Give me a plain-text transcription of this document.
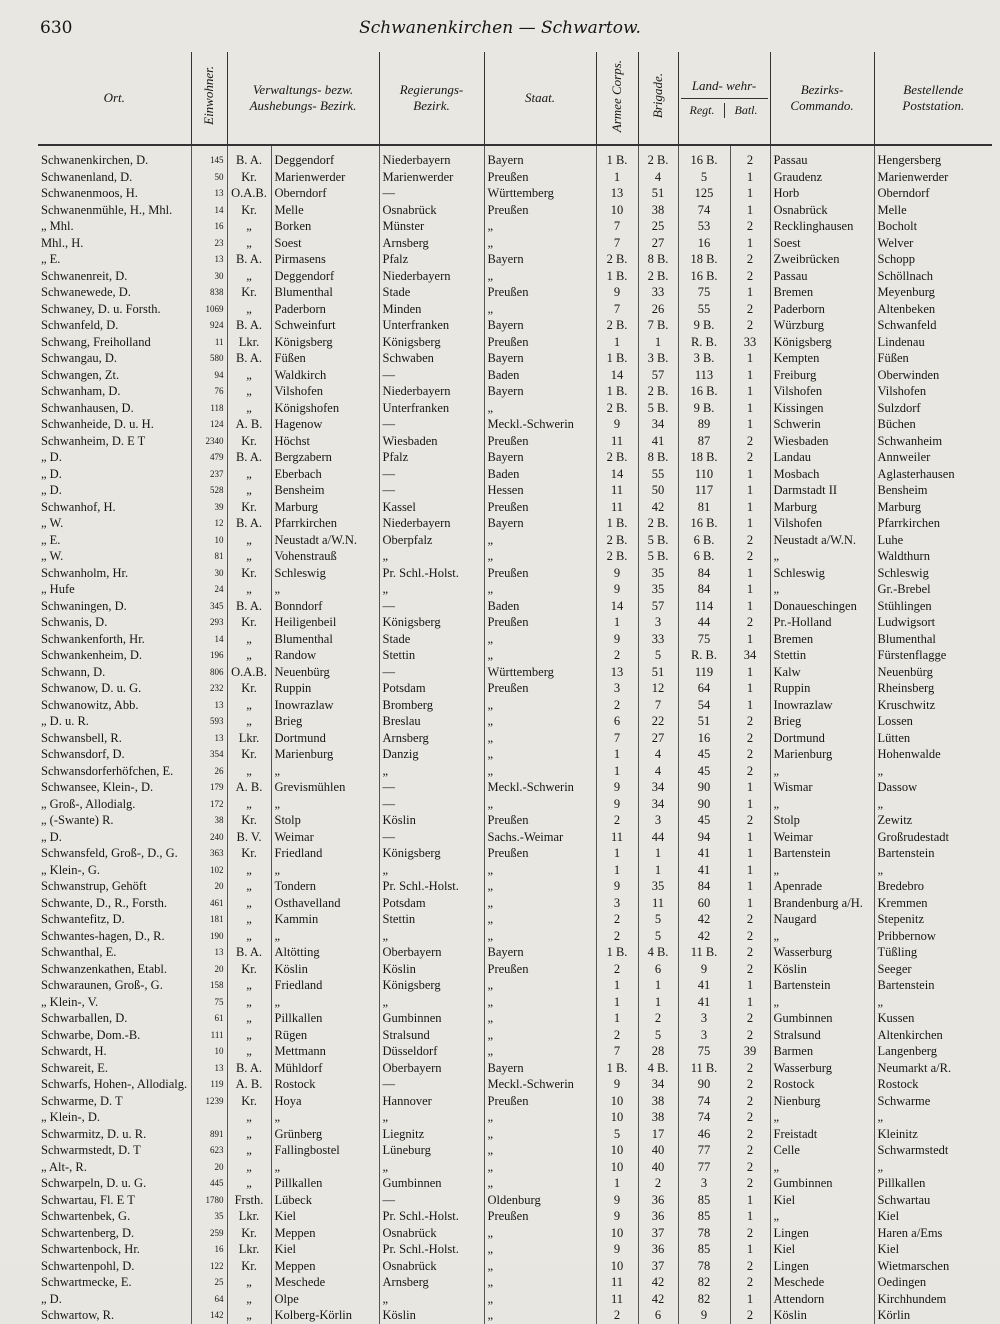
630	Schwanenkirchen — Schwartow.
Ort.	Einwohner.	Verwaltungs- bezw. Aushebungs- Bezirk.		Regierungs- Bezirk.	Staat.	Armee Corps.	Brigade.	Land- wehr-
Regt. Batl.		Bezirks- Commando.	Bestellende Poststation.
Schwanenkirchen, D.	145	B. A.	Deggendorf	Niederbayern	Bayern	1 B.	2 B.	16 B.	2	Passau	Hengersberg
Schwanenland, D.	50	Kr.	Marienwerder	Marienwerder	Preußen	1	4	5	1	Graudenz	Marienwerder
Schwanenmoos, H.	13	O.A.B.	Oberndorf	—	Württemberg	13	51	125	1	Horb	Oberndorf
Schwanenmühle, H., Mhl.	14	Kr.	Melle	Osnabrück	Preußen	10	38	74	1	Osnabrück	Melle
„ Mhl.	16	„	Borken	Münster	„	7	25	53	2	Recklinghausen	Bocholt
Mhl., H.	23	„	Soest	Arnsberg	„	7	27	16	1	Soest	Welver
„ E.	13	B. A.	Pirmasens	Pfalz	Bayern	2 B.	8 B.	18 B.	2	Zweibrücken	Schopp
Schwanenreit, D.	30	„	Deggendorf	Niederbayern	„	1 B.	2 B.	16 B.	2	Passau	Schöllnach
Schwanewede, D.	838	Kr.	Blumenthal	Stade	Preußen	9	33	75	1	Bremen	Meyenburg
Schwaney, D. u. Forsth.	1069	„	Paderborn	Minden	„	7	26	55	2	Paderborn	Altenbeken
Schwanfeld, D.	924	B. A.	Schweinfurt	Unterfranken	Bayern	2 B.	7 B.	9 B.	2	Würzburg	Schwanfeld
Schwang, Freiholland	11	Lkr.	Königsberg	Königsberg	Preußen	1	1	R. B.	33	Königsberg	Lindenau
Schwangau, D.	580	B. A.	Füßen	Schwaben	Bayern	1 B.	3 B.	3 B.	1	Kempten	Füßen
Schwangen, Zt.	94	„	Waldkirch	—	Baden	14	57	113	1	Freiburg	Oberwinden
Schwanham, D.	76	„	Vilshofen	Niederbayern	Bayern	1 B.	2 B.	16 B.	1	Vilshofen	Vilshofen
Schwanhausen, D.	118	„	Königshofen	Unterfranken	„	2 B.	5 B.	9 B.	1	Kissingen	Sulzdorf
Schwanheide, D. u. H.	124	A. B.	Hagenow	—	Meckl.-Schwerin	9	34	89	1	Schwerin	Büchen
Schwanheim, D. E T	2340	Kr.	Höchst	Wiesbaden	Preußen	11	41	87	2	Wiesbaden	Schwanheim
„ D.	479	B. A.	Bergzabern	Pfalz	Bayern	2 B.	8 B.	18 B.	2	Landau	Annweiler
„ D.	237	„	Eberbach	—	Baden	14	55	110	1	Mosbach	Aglasterhausen
„ D.	528	„	Bensheim	—	Hessen	11	50	117	1	Darmstadt II	Bensheim
Schwanhof, H.	39	Kr.	Marburg	Kassel	Preußen	11	42	81	1	Marburg	Marburg
„ W.	12	B. A.	Pfarrkirchen	Niederbayern	Bayern	1 B.	2 B.	16 B.	1	Vilshofen	Pfarrkirchen
„ E.	10	„	Neustadt a/W.N.	Oberpfalz	„	2 B.	5 B.	6 B.	2	Neustadt a/W.N.	Luhe
„ W.	81	„	Vohenstrauß	„	„	2 B.	5 B.	6 B.	2	„	Waldthurn
Schwanholm, Hr.	30	Kr.	Schleswig	Pr. Schl.-Holst.	Preußen	9	35	84	1	Schleswig	Schleswig
„ Hufe	24	„	„	„	„	9	35	84	1	„	Gr.-Brebel
Schwaningen, D.	345	B. A.	Bonndorf	—	Baden	14	57	114	1	Donaueschingen	Stühlingen
Schwanis, D.	293	Kr.	Heiligenbeil	Königsberg	Preußen	1	3	44	2	Pr.-Holland	Ludwigsort
Schwankenforth, Hr.	14	„	Blumenthal	Stade	„	9	33	75	1	Bremen	Blumenthal
Schwankenheim, D.	196	„	Randow	Stettin	„	2	5	R. B.	34	Stettin	Fürstenflagge
Schwann, D.	806	O.A.B.	Neuenbürg	—	Württemberg	13	51	119	1	Kalw	Neuenbürg
Schwanow, D. u. G.	232	Kr.	Ruppin	Potsdam	Preußen	3	12	64	1	Ruppin	Rheinsberg
Schwanowitz, Abb.	13	„	Inowrazlaw	Bromberg	„	2	7	54	1	Inowrazlaw	Kruschwitz
„ D. u. R.	593	„	Brieg	Breslau	„	6	22	51	2	Brieg	Lossen
Schwansbell, R.	13	Lkr.	Dortmund	Arnsberg	„	7	27	16	2	Dortmund	Lütten
Schwansdorf, D.	354	Kr.	Marienburg	Danzig	„	1	4	45	2	Marienburg	Hohenwalde
Schwansdorferhöfchen, E.	26	„	„	„	„	1	4	45	2	„	„
Schwansee, Klein-, D.	179	A. B.	Grevismühlen	—	Meckl.-Schwerin	9	34	90	1	Wismar	Dassow
„ Groß-, Allodialg.	172	„	„	—	„	9	34	90	1	„	„
„ (-Swante) R.	38	Kr.	Stolp	Köslin	Preußen	2	3	45	2	Stolp	Zewitz
„ D.	240	B. V.	Weimar	—	Sachs.-Weimar	11	44	94	1	Weimar	Großrudestadt
Schwansfeld, Groß-, D., G.	363	Kr.	Friedland	Königsberg	Preußen	1	1	41	1	Bartenstein	Bartenstein
„ Klein-, G.	102	„	„	„	„	1	1	41	1	„	„
Schwanstrup, Gehöft	20	„	Tondern	Pr. Schl.-Holst.	„	9	35	84	1	Apenrade	Bredebro
Schwante, D., R., Forsth.	461	„	Osthavelland	Potsdam	„	3	11	60	1	Brandenburg a/H.	Kremmen
Schwantefitz, D.	181	„	Kammin	Stettin	„	2	5	42	2	Naugard	Stepenitz
Schwantes-hagen, D., R.	190	„	„	„	„	2	5	42	2	„	Pribbernow
Schwanthal, E.	13	B. A.	Altötting	Oberbayern	Bayern	1 B.	4 B.	11 B.	2	Wasserburg	Tüßling
Schwanzenkathen, Etabl.	20	Kr.	Köslin	Köslin	Preußen	2	6	9	2	Köslin	Seeger
Schwaraunen, Groß-, G.	158	„	Friedland	Königsberg	„	1	1	41	1	Bartenstein	Bartenstein
„ Klein-, V.	75	„	„	„	„	1	1	41	1	„	„
Schwarballen, D.	61	„	Pillkallen	Gumbinnen	„	1	2	3	2	Gumbinnen	Kussen
Schwarbe, Dom.-B.	111	„	Rügen	Stralsund	„	2	5	3	2	Stralsund	Altenkirchen
Schwardt, H.	10	„	Mettmann	Düsseldorf	„	7	28	75	39	Barmen	Langenberg
Schwareit, E.	13	B. A.	Mühldorf	Oberbayern	Bayern	1 B.	4 B.	11 B.	2	Wasserburg	Neumarkt a/R.
Schwarfs, Hohen-, Allodialg.	119	A. B.	Rostock	—	Meckl.-Schwerin	9	34	90	2	Rostock	Rostock
Schwarme, D. T	1239	Kr.	Hoya	Hannover	Preußen	10	38	74	2	Nienburg	Schwarme
„ Klein-, D.		„	„	„	„	10	38	74	2	„	„
Schwarmitz, D. u. R.	891	„	Grünberg	Liegnitz	„	5	17	46	2	Freistadt	Kleinitz
Schwarmstedt, D. T	623	„	Fallingbostel	Lüneburg	„	10	40	77	2	Celle	Schwarmstedt
„ Alt-, R.	20	„	„	„	„	10	40	77	2	„	„
Schwarpeln, D. u. G.	445	„	Pillkallen	Gumbinnen	„	1	2	3	2	Gumbinnen	Pillkallen
Schwartau, Fl. E T	1780	Frsth.	Lübeck	—	Oldenburg	9	36	85	1	Kiel	Schwartau
Schwartenbek, G.	35	Lkr.	Kiel	Pr. Schl.-Holst.	Preußen	9	36	85	1	„	Kiel
Schwartenberg, D.	259	Kr.	Meppen	Osnabrück	„	10	37	78	2	Lingen	Haren a/Ems
Schwartenbock, Hr.	16	Lkr.	Kiel	Pr. Schl.-Holst.	„	9	36	85	1	Kiel	Kiel
Schwartenpohl, D.	122	Kr.	Meppen	Osnabrück	„	10	37	78	2	Lingen	Wietmarschen
Schwartmecke, E.	25	„	Meschede	Arnsberg	„	11	42	82	2	Meschede	Oedingen
„ D.	64	„	Olpe	„	„	11	42	82	1	Attendorn	Kirchhundem
Schwartow, R.	142	„	Kolberg-Körlin	Köslin	„	2	6	9	2	Köslin	Körlin
